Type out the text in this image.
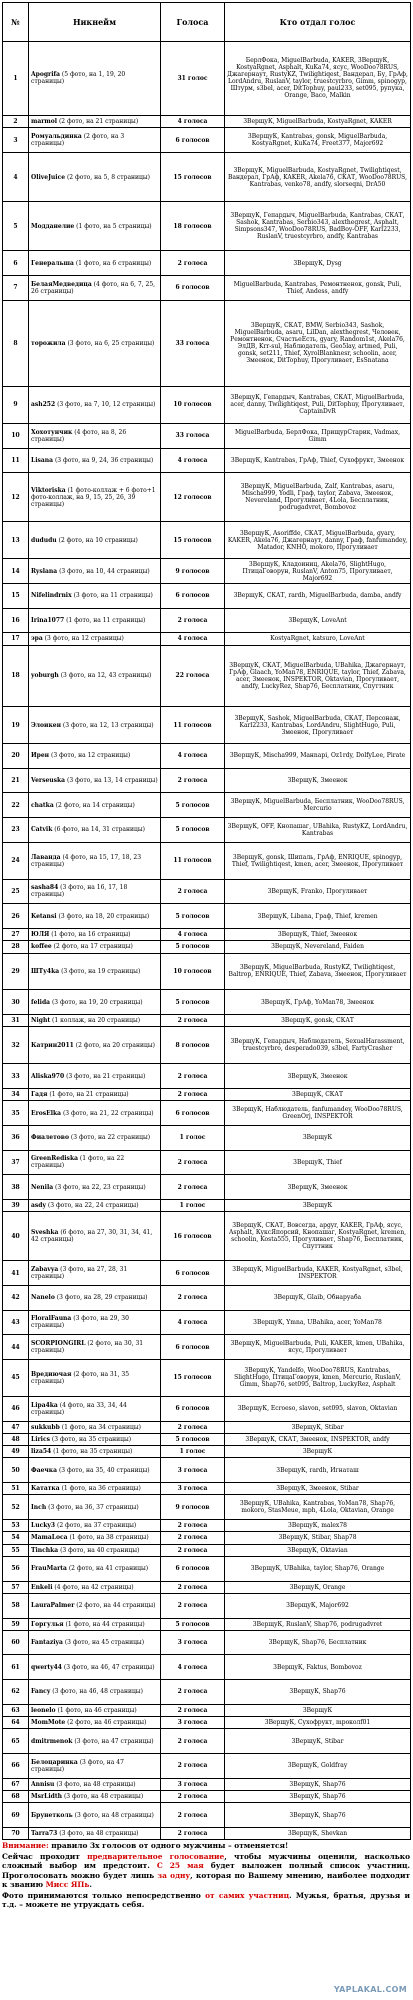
№	Никнейм	Голоса	Кто отдал голос
1	Apogrifa (5 фото, на 1, 19, 20 страницы)	31 голос	БерлФока, MiguelBarbuda, KAKER, 3ВерщуК, KostyaRgnet, Asphalt, KuKa74, ясус, WooDoo78RUS, Джагернаут, RustyKZ, Twilightiqest, Вандерал, Бу, ГрАф, LordAndru, RuslanV, taylor, truestcyrbro, Gimm, spinogyp, Штурм, s3bel, acer, DitTophuy, paul233, set095, рупука, Orange, Baco, Malkin
2	marmol (2 фото, на 21 страницы)	4 голоса	3ВерщуК, MiguelBarbuda, KostyaRgnet, KAKER
3	Ромуальдинка (2 фото, на 3 страницы)	6 голосов	3ВерщуК, Kantrabas, gonsk, MiguelBarbuda, KostyaRgnet, KuKa74, Freet377, Major692
4	OliveJuice (2 фото, на 5, 8 страницы)	15 голосов	3ВерщуК, MiguelBarbuda, KostyaRgnet, Twilightiqest, Вандерал, ГрАф, KAKER, Akela76, СКАТ, WooDoo78RUS, Kantrabas, venko78, andfy, slorseqni, DrA50
5	Модданелие (1 фото, на 5 страницы)	18 голосов	3ВерщуК, Гепардыч, MiguelBarbuda, Kantrabas, СКАТ, Sashok, Kantrabas, Serbio343, alexthegrest, Asphalt, Simpsons347, WooDoo78RUS, BadBoy-OFF, Karl2233, RuslanV, truestcyrbro, andfy, Kantrabas
6	Генеральша (1 фото, на 6 страницы)	2 голоса	3ВерщуК, Dysg
7	БелаяМедведица (4 фото, на 6, 7, 25, 26 страницы)	6 голосов	MiguelBarbuda, Kantrabas, Ремонтненок, gonsk, Puli, Thief, Andess, andfy
8	торожила (3 фото, на 6, 25 страницы)	33 голоса	3ВерщуК, СКАТ, BMW, Serbio343, Sashok, MiguelBarbuda, asaru, LilDan, alexthegrest, Человек, Ремонтненок, СчастьеЕсть, gyary, Random1st, Akela76, ЭлДВ, Krr-sul, Наблюдатель, Geo5lay, artmed, Puli, gonsk, set211, Thief, XyrolBlanknesr, schoolin, acer, Змеенок, DitTophuy, Прогуливает, EsSnatana
9	ash252 (3 фото, на 7, 10, 12 страницы)	10 голосов	3ВерщуК, Гепардыч, Kantrabas, СКАТ, MiguelBarbuda, acer, danny, Twilightiqest, Puli, DitTophuy, Прогуливает, CaptainDvR
10	Хохотунчик (4 фото, на 8, 26 страницы)	33 голоса	MiguelBarbuda, БерлФока, ПрищурСтарик, Vadmax, Gimm
11	Lisana (3 фото, на 9, 24, 36 страницы)	4 голоса	3ВерщуК, Kantrabas, ГрАф, Thief, Сухофрукт, Змеенок
12	Viktoriska (1 фото-коллаж + 6 фото+1 фото-коллаж, на 9, 15, 25, 26, 39 страницы)	12 голосов	3ВерщуК, MiguelBarbuda, Zalf, Kantrabas, asaru, Mischa999, Yodli, Граф, taylor, Zabava, Змеенок, Nevereland, Прогуливает, 4Lola, Бесплатник, podrugadvret, Bombovoz
13	dududu (2 фото, на 10 страницы)	15 голосов	3ВерщуК, Asoriffde, СКАТ, MiguelBarbuda, gyary, KAKER, Akela76, Джагернаут, danny, Граф, fanfumandey, Matador, KNHO, mokoro, Прогуливает
14	Ryslana (3 фото, на 10, 44 страницы)	9 голосов	3ВерщуК, Кладоиниц, Akela76, SlightHugo, ПтицаГоворун, RuslanV, Anton75, Прогуливает, Major692
15	Nifelindrnix (3 фото, на 11 страницы)	6 голосов	3ВерщуК, СКАТ, rardh, MiguelBarbuda, damba, andfy
16	Irina1077 (1 фото, на 11 страницы)	2 голоса	3ВерщуК, LoveAnt
17	эра (3 фото, на 12 страницы)	4 голоса	KostyaRgnet, katsuro, LoveAnt
18	yoburgh (3 фото, на 12, 43 страницы)	22 голоса	3ВерщуК, СКАТ, MiguelBarbuda, UBahika, Джагернаут, ГрАф, Glaach, YoMan78, ENRIQUE, taylor, Thief, Zabava, acer, Змеенок, INSPEKTOR, Oktavian, Прогуливает, andfy, LuckyRez, Shap76, Бесплатник, Спуттник
19	Элоикен (3 фото, на 12, 13 страницы)	11 голосов	3ВерщуК, Sashok, MiguelBarbuda, СКАТ, Персонаж, Karl2233, Kantrabas, LordAndru, SlightHugo, Puli, Змеенок, Прогуливает
20	Ирен (3 фото, на 12 страницы)	4 голоса	3ВерщуК, Mischa999, Maнnapi, Oz1rdy, DolfyLee, Pirate
21	Verseuska (3 фото, на 13, 14 страницы)	2 голоса	3ВерщуК, Змеенок
22	chatka (2 фото, на 14 страницы)	5 голосов	3ВерщуК, MiguelBarbuda, Бесплатник, WooDoo78RUS, Mercurio
23	Catvik (6 фото, на 14, 31 страницы)	5 голосов	3ВерщуК, OFF, Кнопашаг, UBahika, RustyKZ, LordAndru, Kantrabas
24	Лаванда (4 фото, на 15, 17, 18, 23 страницы)	11 голосов	3ВерщуК, gonsk, Шипаль, ГрАф, ENRIQUE, spinogyp, Thief, Twilightiqest, kmen, acer, Змеенок, Прогуливает
25	sasha84 (3 фото, на 16, 17, 18 страницы)	2 голоса	3ВерщуК, Franko, Прогуливает
26	Ketansi (3 фото, на 18, 20 страницы)	5 голосов	3ВерщуК, Libana, Граф, Thief, kremen
27	ЮЛЯ (1 фото, на 16 страницы)	4 голоса	3ВерщуК, Thief, Змеенок
28	koffee (2 фото, на 17 страницы)	5 голосов	3ВерщуК, Nevereland, Faiden
29	ШТу4ka (3 фото, на 19 страницы)	10 голосов	3ВерщуК, MiguelBarbuda, RustyKZ, Twilightiqest, Baltrop, ENRIQUE, Thief, Zabava, Змеенок, Прогуливает
30	felida (3 фото, на 19, 20 страницы)	5 голосов	3ВерщуК, ГрАф, YoMan78, Змеенок
31	Night (1 коллаж, на 20 страницы)	2 голоса	3ВерщуК, gonsk, СКАТ
32	Катрин2011 (2 фото, на 20 страницы)	8 голосов	3ВерщуК, Гепардыч, Наблюдатель, SexualHarassment, truestcyrbro, desperado039, s3bel, FartyCrasher
33	Aliska970 (3 фото, на 21 страницы)	2 голоса	3ВерщуК, Змеенок
34	Гадя (1 фото, на 21 страницы)	2 голоса	3ВерщуК, СКАТ
35	ErosElka (3 фото, на 21, 22 страницы)	6 голосов	3ВерщуК, Наблюдатель, fanfumandey, WooDoo78RUS, GreenOrj, INSPEKTOR
36	Фиалетово (3 фото, на 22 страницы)	1 голос	3ВерщуК
37	GreenRediska (1 фото, на 22 страницы)	2 голоса	3ВерщуК, Thief
38	Nenila (3 фото, на 22, 23 страницы)	2 голоса	3ВерщуК, Змеенок
39	asdy (3 фото, на 22, 24 страницы)	1 голос	3ВерщуК
40	Sveshka (6 фото, на 27, 30, 31, 34, 41, 42 страницы)	16 голосов	3ВерщуК, СКАТ, Вовсегда, apgyr, KAKER, ГрАф, ясус, Asphalt, КуксЯпорсий, Кнопашаг, KostyaRgnet, kremen, schoolin, Kosta555, Прогуливает, Shap76, Бесплатник, Спуттник
41	Zabavya (3 фото, на 27, 28, 31 страницы)	6 голосов	3ВерщуК, MiguelBarbuda, KAKER, KostyaRgnet, s3bel, INSPEKTOR
42	Nanelo (3 фото, на 28, 29 страницы)	2 голоса	3ВерщуК, Glaib, Обнаруаба
43	FloralFauna (3 фото, на 29, 30 страницы)	4 голоса	3ВерщуК, Ymna, UBahika, acer, YoMan78
44	SCORPIONGIRL (2 фото, на 30, 31 страницы)	6 голосов	3ВерщуК, MiguelBarbuda, Puli, KAKER, kmen, UBahika, ясус, Прогуливает
45	Вредиючая (2 фото, на 31, 35 страницы)	15 голосов	3ВерщуК, Yandelfo, WooDoo78RUS, Kantrabas, SlightHugo, ПтицаГоворун, kmen, Mercurio, RuslanV, Gimm, Shap76, set095, Baltrop, LuckyRez, Asphalt
46	Lipa4ka (4 фото, на 33, 34, 44 страницы)	6 голосов	3ВерщуК, Ecroeso, slavon, set095, slavon, Oktavian
47	sukkubb (1 фото, на 34 страницы)	2 голоса	3ВерщуК, Stibar
48	Lirics (3 фото, на 35 страницы)	5 голосов	3ВерщуК, СКАТ, Змеенок, INSPEKTOR, andfy
49	liza54 (1 фото, на 35 страницы)	1 голос	3ВерщуК
50	Фаечка (3 фото, на 35, 40 страницы)	3 голоса	3ВерщуК, rardh, Игнаташ
51	Kaтатка (1 фото, на 36 страницы)	3 голоса	3ВерщуК, Змеенок, Stibar
52	Inch (3 фото, на 36, 37 страницы)	9 голосов	3ВерщуК, UBahika, Kantrabas, YoMan78, Shap76, mokoro, StasMeue, mph, 4Lola, Oktavian, Orange
53	Lucky3 (2 фото, на 37 страницы)	2 голоса	3ВерщуК, malex78
54	MamaLoca (1 фото, на 38 страницы)	2 голоса	3ВерщуК, Stibar, Shap78
55	Tinchka (3 фото, на 40 страницы)	2 голоса	3ВерщуК, Oktavian
56	FrauMarta (2 фото, на 41 страницы)	6 голосов	3ВерщуК, UBahika, taylor, Shap76, Orange
57	Enkeli (4 фото, на 42 страницы)	2 голоса	3ВерщуК, Orange
58	LauraPalmer (2 фото, на 44 страницы)	2 голоса	3ВерщуК, Major692
59	Горгулья (1 фото, на 44 страницы)	5 голосов	3ВерщуК, RuslanV, Shap76, podrugadvret
60	Fantaziya (3 фото, на 45 страницы)	3 голоса	3ВерщуК, Shap76, Бесплатник
61	qwerty44 (3 фото, на 46, 47 страницы)	4 голоса	3ВерщуК, Faktus, Bombovoz
62	Fancy (3 фото, на 46, 48 страницы)	2 голоса	3ВерщуК, Shap76
63	leonelo (1 фото, на 46 страницы)	2 голоса	3ВерщуК
64	MomMote (2 фото, на 46 страницы)	3 голоса	3ВерщуК, Сухофрукт, mpoколf01
65	dmitrmenok (3 фото, на 47 страницы)	2 голоса	3ВерщуК, Stibar
66	Белоцаринка (3 фото, на 47 страницы)	2 голоса	3ВерщуК, Goldfray
67	Annisu (3 фото, на 48 страницы)	3 голоса	3ВерщуК, Shap76
68	MsrLidth (3 фото, на 48 страницы)	2 голоса	3ВерщуК, Shap76
69	Брунетколь (3 фото, на 48 страницы)	2 голоса	3ВерщуК, Shap76
70	Tarra73 (3 фото, на 48 страницы)	2 голоса	3ВерщуК, Shevkan

Внимание: правило 3х голосов от одного мужчины – отменяется!

Сейчас проходит предварительное голосование, чтобы мужчины оценили, насколько сложный выбор им предстоит. С 25 мая будет выложен полный список участниц. Проголосовать можно будет лишь за одну, которая по Вашему мнению, наиболее подходит к званию Мисс ЯПь.

Фото принимаются только непосредственно от самих участниц. Мужья, братья, друзья и т.д. – можете не утруждать себя.

YAPLAKAL.COM
